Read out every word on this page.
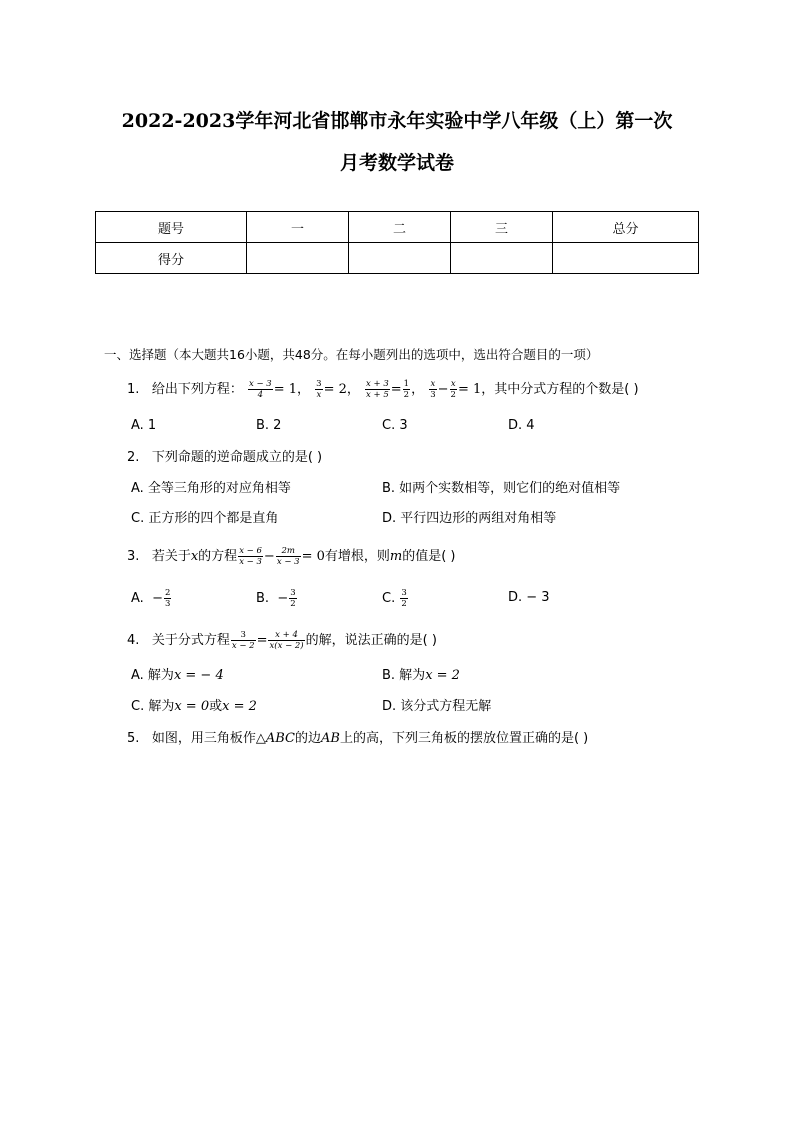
2022-2023学年河北省邯郸市永年实验中学八年级（上）第一次
月考数学试卷
题号	一	二	三	总分
得分				
一、选择题（本大题共16小题，共48分。在每小题列出的选项中，选出符合题目的一项）
1. 给出下列方程： $\frac{x - 3}{4} = 1$， $\frac{3}{x} = 2$， $\frac{x + 3}{x + 5} = \frac{1}{2}$ ， $\frac{x}{3} - \frac{x}{2} = 1$，其中分式方程的个数是( )
A. 1	B. 2	C. 3	D. 4
2. 下列命题的逆命题成立的是( )
A. 全等三角形的对应角相等	B. 如两个实数相等，则它们的绝对值相等
C. 正方形的四个都是直角	D. 平行四边形的两组对角相等
3. 若关于x的方程 $\frac{x - 6}{x - 3} - \frac{2m}{x - 3} = 0$有增根，则m的值是( )
A. − $\frac{2}{3}$	B. − $\frac{3}{2}$	C. $\frac{3}{2}$	D. − 3
4. 关于分式方程 $\frac{3}{x - 2} = \frac{x + 4}{x(x - 2)}$ 的解，说法正确的是( )
A. 解为x = − 4	B. 解为x = 2
C. 解为x = 0或x = 2	D. 该分式方程无解
5. 如图，用三角板作△ABC的边AB上的高，下列三角板的摆放位置正确的是( )
